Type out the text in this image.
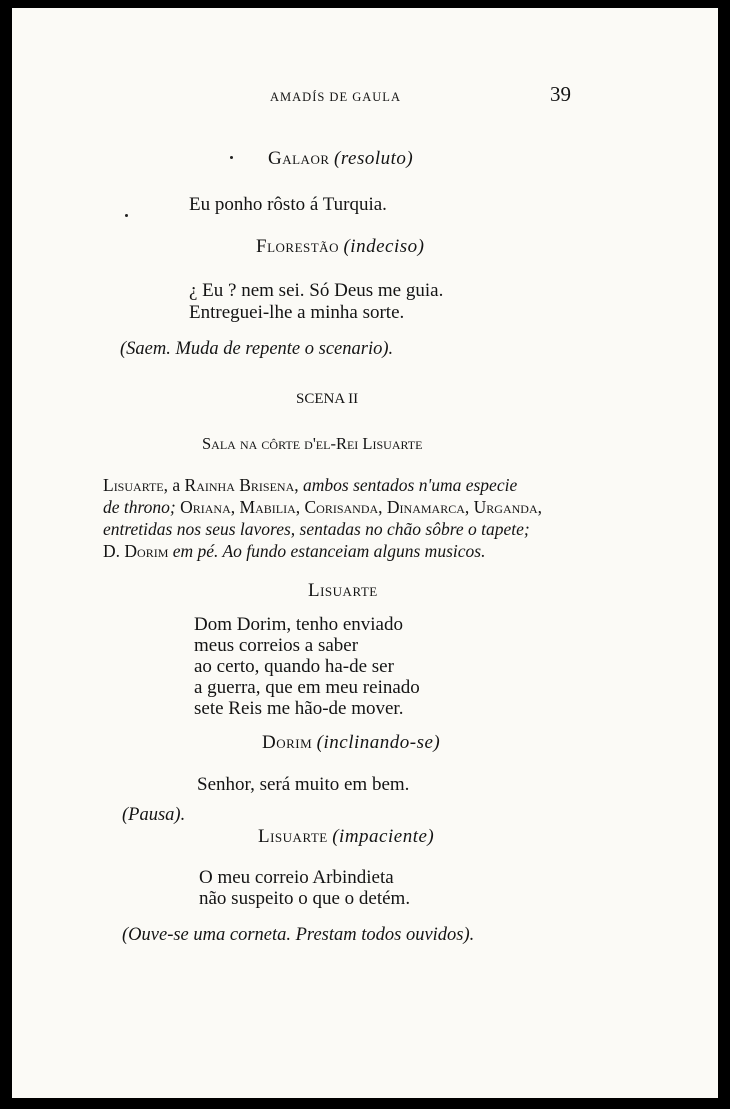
AMADÍS DE GAULA	39
Galaor (resoluto)
Eu ponho rôsto á Turquia.
Florestão (indeciso)
¿ Eu ? nem sei. Só Deus me guia.
Entreguei-lhe a minha sorte.
(Saem. Muda de repente o scenario).
SCENA II
Sala na côrte d'el-Rei Lisuarte
Lisuarte, a Rainha Brisena, ambos sentados n'uma especie
de throno; Oriana, Mabilia, Corisanda, Dinamarca, Urganda,
entretidas nos seus lavores, sentadas no chão sôbre o tapete;
D. Dorim em pé. Ao fundo estanceiam alguns musicos.
Lisuarte
Dom Dorim, tenho enviado
meus correios a saber
ao certo, quando ha-de ser
a guerra, que em meu reinado
sete Reis me hão-de mover.
Dorim (inclinando-se)
Senhor, será muito em bem.
(Pausa).
Lisuarte (impaciente)
O meu correio Arbindieta
não suspeito o que o detém.
(Ouve-se uma corneta. Prestam todos ouvidos).
